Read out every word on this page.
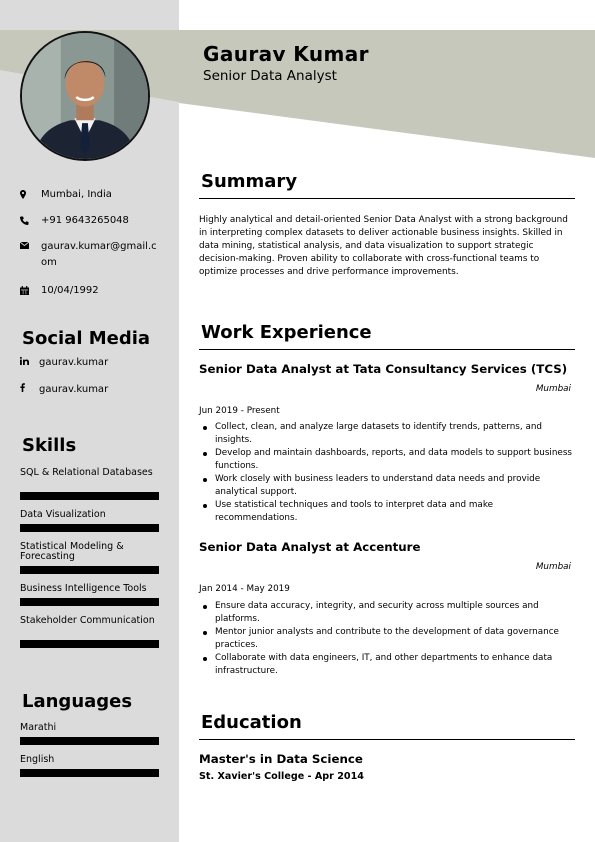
Gaurav Kumar
Senior Data Analyst
Mumbai, India
+91 9643265048
gaurav.kumar@gmail.c
om
10/04/1992
Social Media
gaurav.kumar
gaurav.kumar
Skills
SQL & Relational Databases
Data Visualization
Statistical Modeling & Forecasting
Business Intelligence Tools
Stakeholder Communication
Languages
Marathi
English
Summary
Highly analytical and detail-oriented Senior Data Analyst with a strong background in interpreting complex datasets to deliver actionable business insights. Skilled in data mining, statistical analysis, and data visualization to support strategic decision-making. Proven ability to collaborate with cross-functional teams to optimize processes and drive performance improvements.
Work Experience
Senior Data Analyst at Tata Consultancy Services (TCS)
Mumbai
Jun 2019 - Present
Collect, clean, and analyze large datasets to identify trends, patterns, and insights.
Develop and maintain dashboards, reports, and data models to support business functions.
Work closely with business leaders to understand data needs and provide analytical support.
Use statistical techniques and tools to interpret data and make recommendations.
Senior Data Analyst at Accenture
Mumbai
Jan 2014 - May 2019
Ensure data accuracy, integrity, and security across multiple sources and platforms.
Mentor junior analysts and contribute to the development of data governance practices.
Collaborate with data engineers, IT, and other departments to enhance data infrastructure.
Education
Master's in Data Science
St. Xavier's College - Apr 2014
